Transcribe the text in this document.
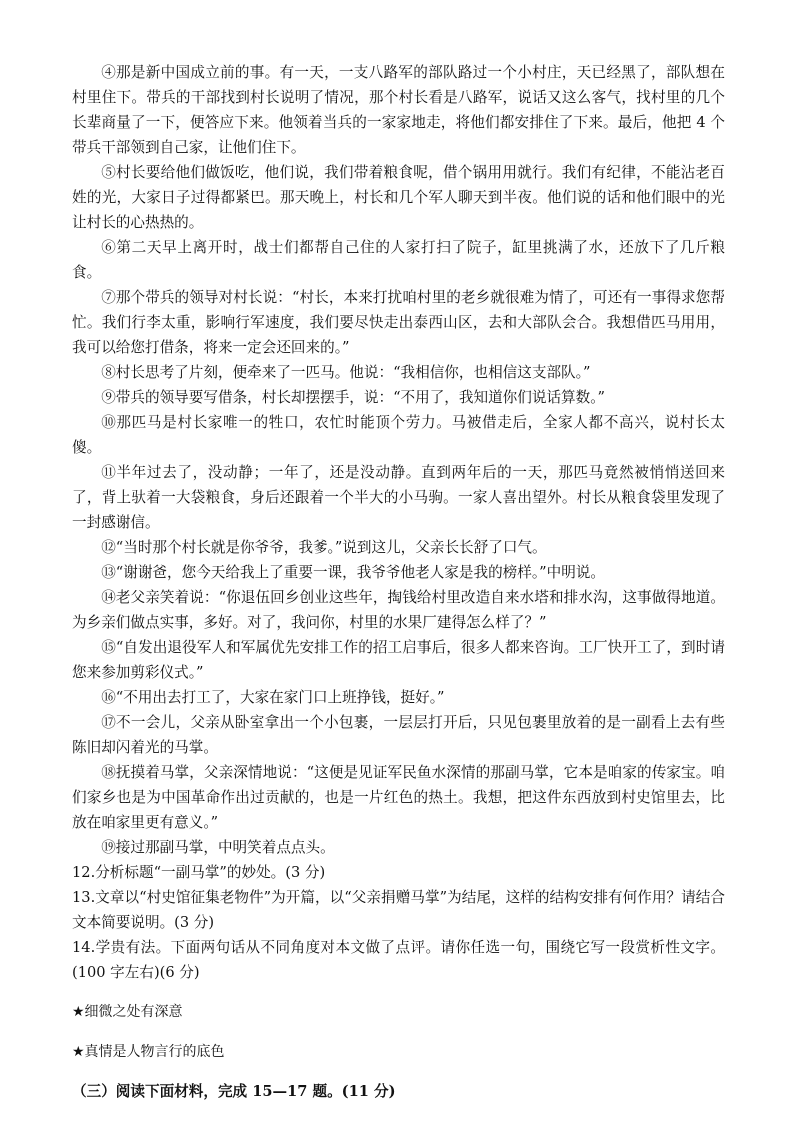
④那是新中国成立前的事。有一天，一支八路军的部队路过一个小村庄，天已经黑了，部队想在村里住下。带兵的干部找到村长说明了情况，那个村长看是八路军，说话又这么客气，找村里的几个长辈商量了一下，便答应下来。他领着当兵的一家家地走，将他们都安排住了下来。最后，他把 4 个带兵干部领到自己家，让他们住下。

⑤村长要给他们做饭吃，他们说，我们带着粮食呢，借个锅用用就行。我们有纪律，不能沾老百姓的光，大家日子过得都紧巴。那天晚上，村长和几个军人聊天到半夜。他们说的话和他们眼中的光让村长的心热热的。

⑥第二天早上离开时，战士们都帮自己住的人家打扫了院子，缸里挑满了水，还放下了几斤粮食。

⑦那个带兵的领导对村长说：“村长，本来打扰咱村里的老乡就很难为情了，可还有一事得求您帮忙。我们行李太重，影响行军速度，我们要尽快走出泰西山区，去和大部队会合。我想借匹马用用，我可以给您打借条，将来一定会还回来的。”

⑧村长思考了片刻，便牵来了一匹马。他说：“我相信你，也相信这支部队。”

⑨带兵的领导要写借条，村长却摆摆手，说：“不用了，我知道你们说话算数。”

⑩那匹马是村长家唯一的牲口，农忙时能顶个劳力。马被借走后，全家人都不高兴，说村长太傻。

⑪半年过去了，没动静；一年了，还是没动静。直到两年后的一天，那匹马竟然被悄悄送回来了，背上驮着一大袋粮食，身后还跟着一个半大的小马驹。一家人喜出望外。村长从粮食袋里发现了一封感谢信。

⑫“当时那个村长就是你爷爷，我爹。”说到这儿，父亲长长舒了口气。

⑬“谢谢爸，您今天给我上了重要一课，我爷爷他老人家是我的榜样。”中明说。

⑭老父亲笑着说：“你退伍回乡创业这些年，掏钱给村里改造自来水塔和排水沟，这事做得地道。为乡亲们做点实事，多好。对了，我问你，村里的水果厂建得怎么样了？”

⑮“自发出退役军人和军属优先安排工作的招工启事后，很多人都来咨询。工厂快开工了，到时请您来参加剪彩仪式。”

⑯“不用出去打工了，大家在家门口上班挣钱，挺好。”

⑰不一会儿，父亲从卧室拿出一个小包裹，一层层打开后，只见包裹里放着的是一副看上去有些陈旧却闪着光的马掌。

⑱抚摸着马掌，父亲深情地说：“这便是见证军民鱼水深情的那副马掌，它本是咱家的传家宝。咱们家乡也是为中国革命作出过贡献的，也是一片红色的热土。我想，把这件东西放到村史馆里去，比放在咱家里更有意义。”

⑲接过那副马掌，中明笑着点点头。

12.分析标题“一副马掌”的妙处。(3 分)

13.文章以“村史馆征集老物件”为开篇，以“父亲捐赠马掌”为结尾，这样的结构安排有何作用？请结合文本简要说明。(3 分)

14.学贵有法。下面两句话从不同角度对本文做了点评。请你任选一句，围绕它写一段赏析性文字。(100 字左右)(6 分)

★细微之处有深意

★真情是人物言行的底色

（三）阅读下面材料，完成 15—17 题。(11 分)
